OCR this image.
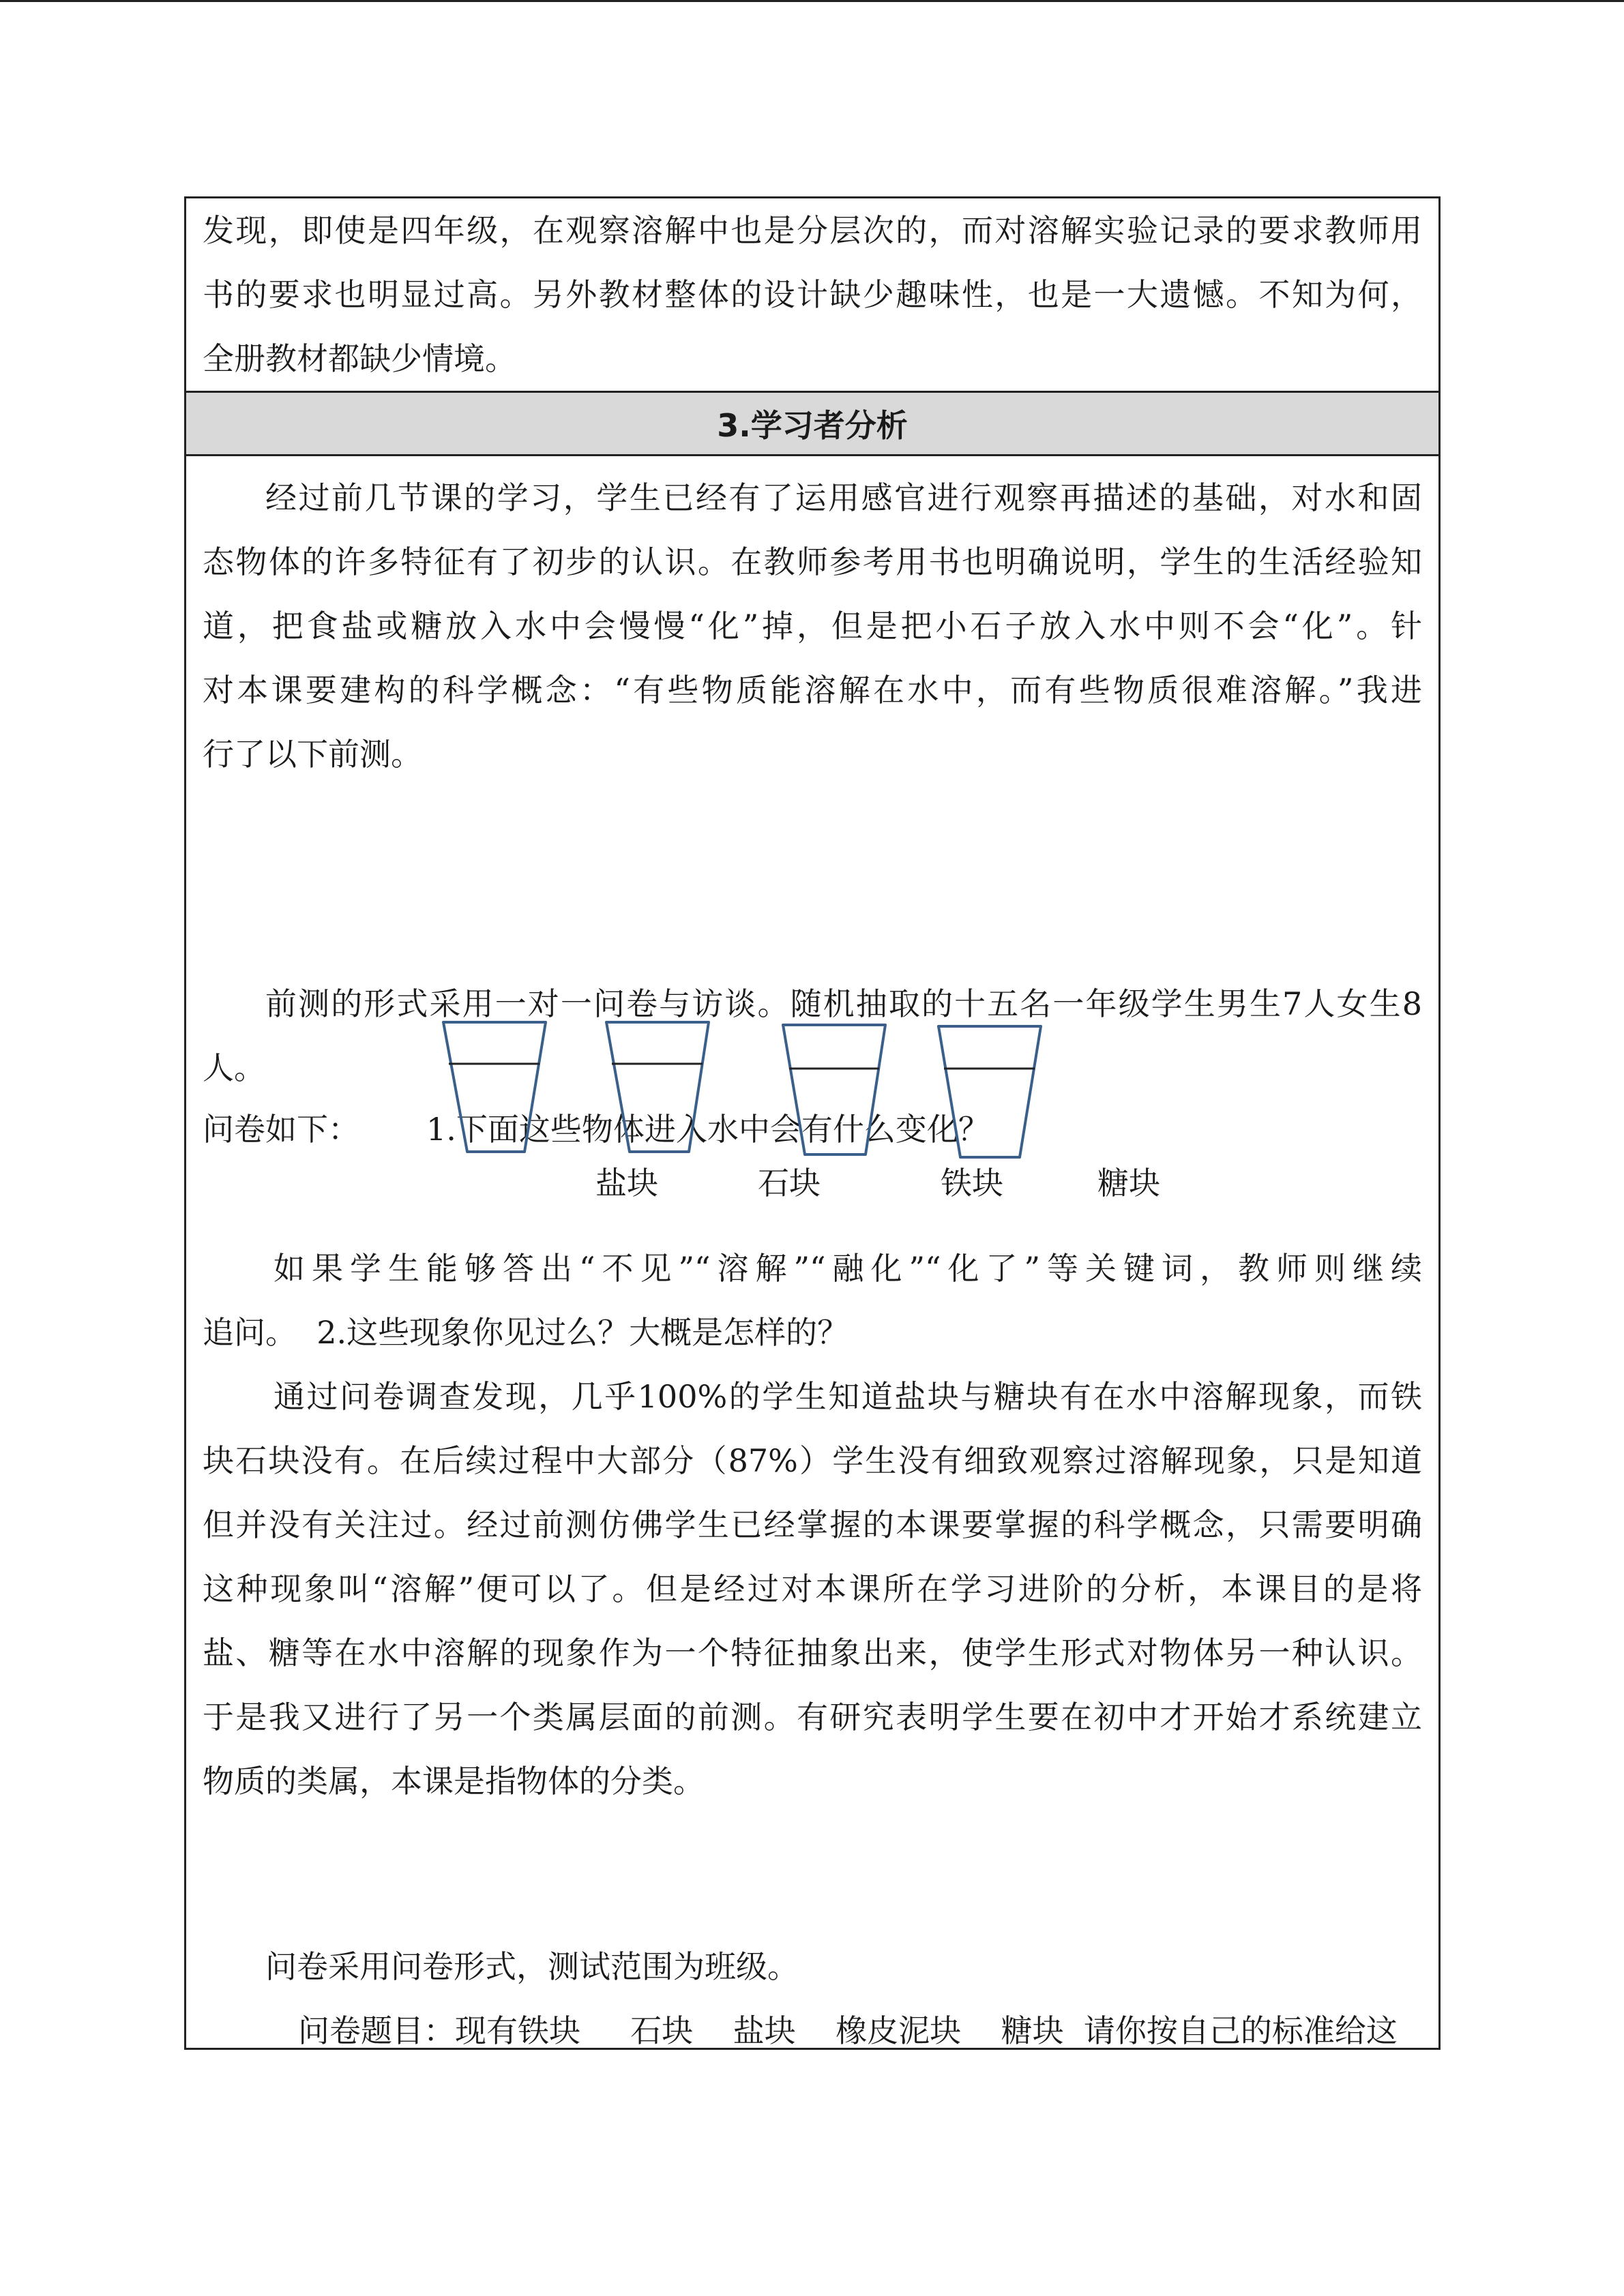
发现，即使是四年级，在观察溶解中也是分层次的，而对溶解实验记录的要求教师用

书的要求也明显过高。另外教材整体的设计缺少趣味性，也是一大遗憾。不知为何，

全册教材都缺少情境。

3.学习者分析

经过前几节课的学习，学生已经有了运用感官进行观察再描述的基础，对水和固

态物体的许多特征有了初步的认识。在教师参考用书也明确说明，学生的生活经验知

道，把食盐或糖放入水中会慢慢“化”掉，但是把小石子放入水中则不会“化”。针

对本课要建构的科学概念：“有些物质能溶解在水中，而有些物质很难溶解。”我进

行了以下前测。

前测的形式采用一对一问卷与访谈。随机抽取的十五名一年级学生男生7人女生8

人。

问卷如下： 1.下面这些物体进入水中会有什么变化？
盐块	石块	铁块	糖块

如果学生能够答出“不见”“溶解”“融化”“化了”等关键词，教师则继续

追问。  2.这些现象你见过么？大概是怎样的？

通过问卷调查发现，几乎100%的学生知道盐块与糖块有在水中溶解现象，而铁

块石块没有。在后续过程中大部分（87%）学生没有细致观察过溶解现象，只是知道

但并没有关注过。经过前测仿佛学生已经掌握的本课要掌握的科学概念，只需要明确

这种现象叫“溶解”便可以了。但是经过对本课所在学习进阶的分析，本课目的是将

盐、糖等在水中溶解的现象作为一个特征抽象出来，使学生形式对物体另一种认识。

于是我又进行了另一个类属层面的前测。有研究表明学生要在初中才开始才系统建立

物质的类属，本课是指物体的分类。

问卷采用问卷形式，测试范围为班级。

问卷题目：现有铁块     石块    盐块    橡皮泥块    糖块  请你按自己的标准给这
